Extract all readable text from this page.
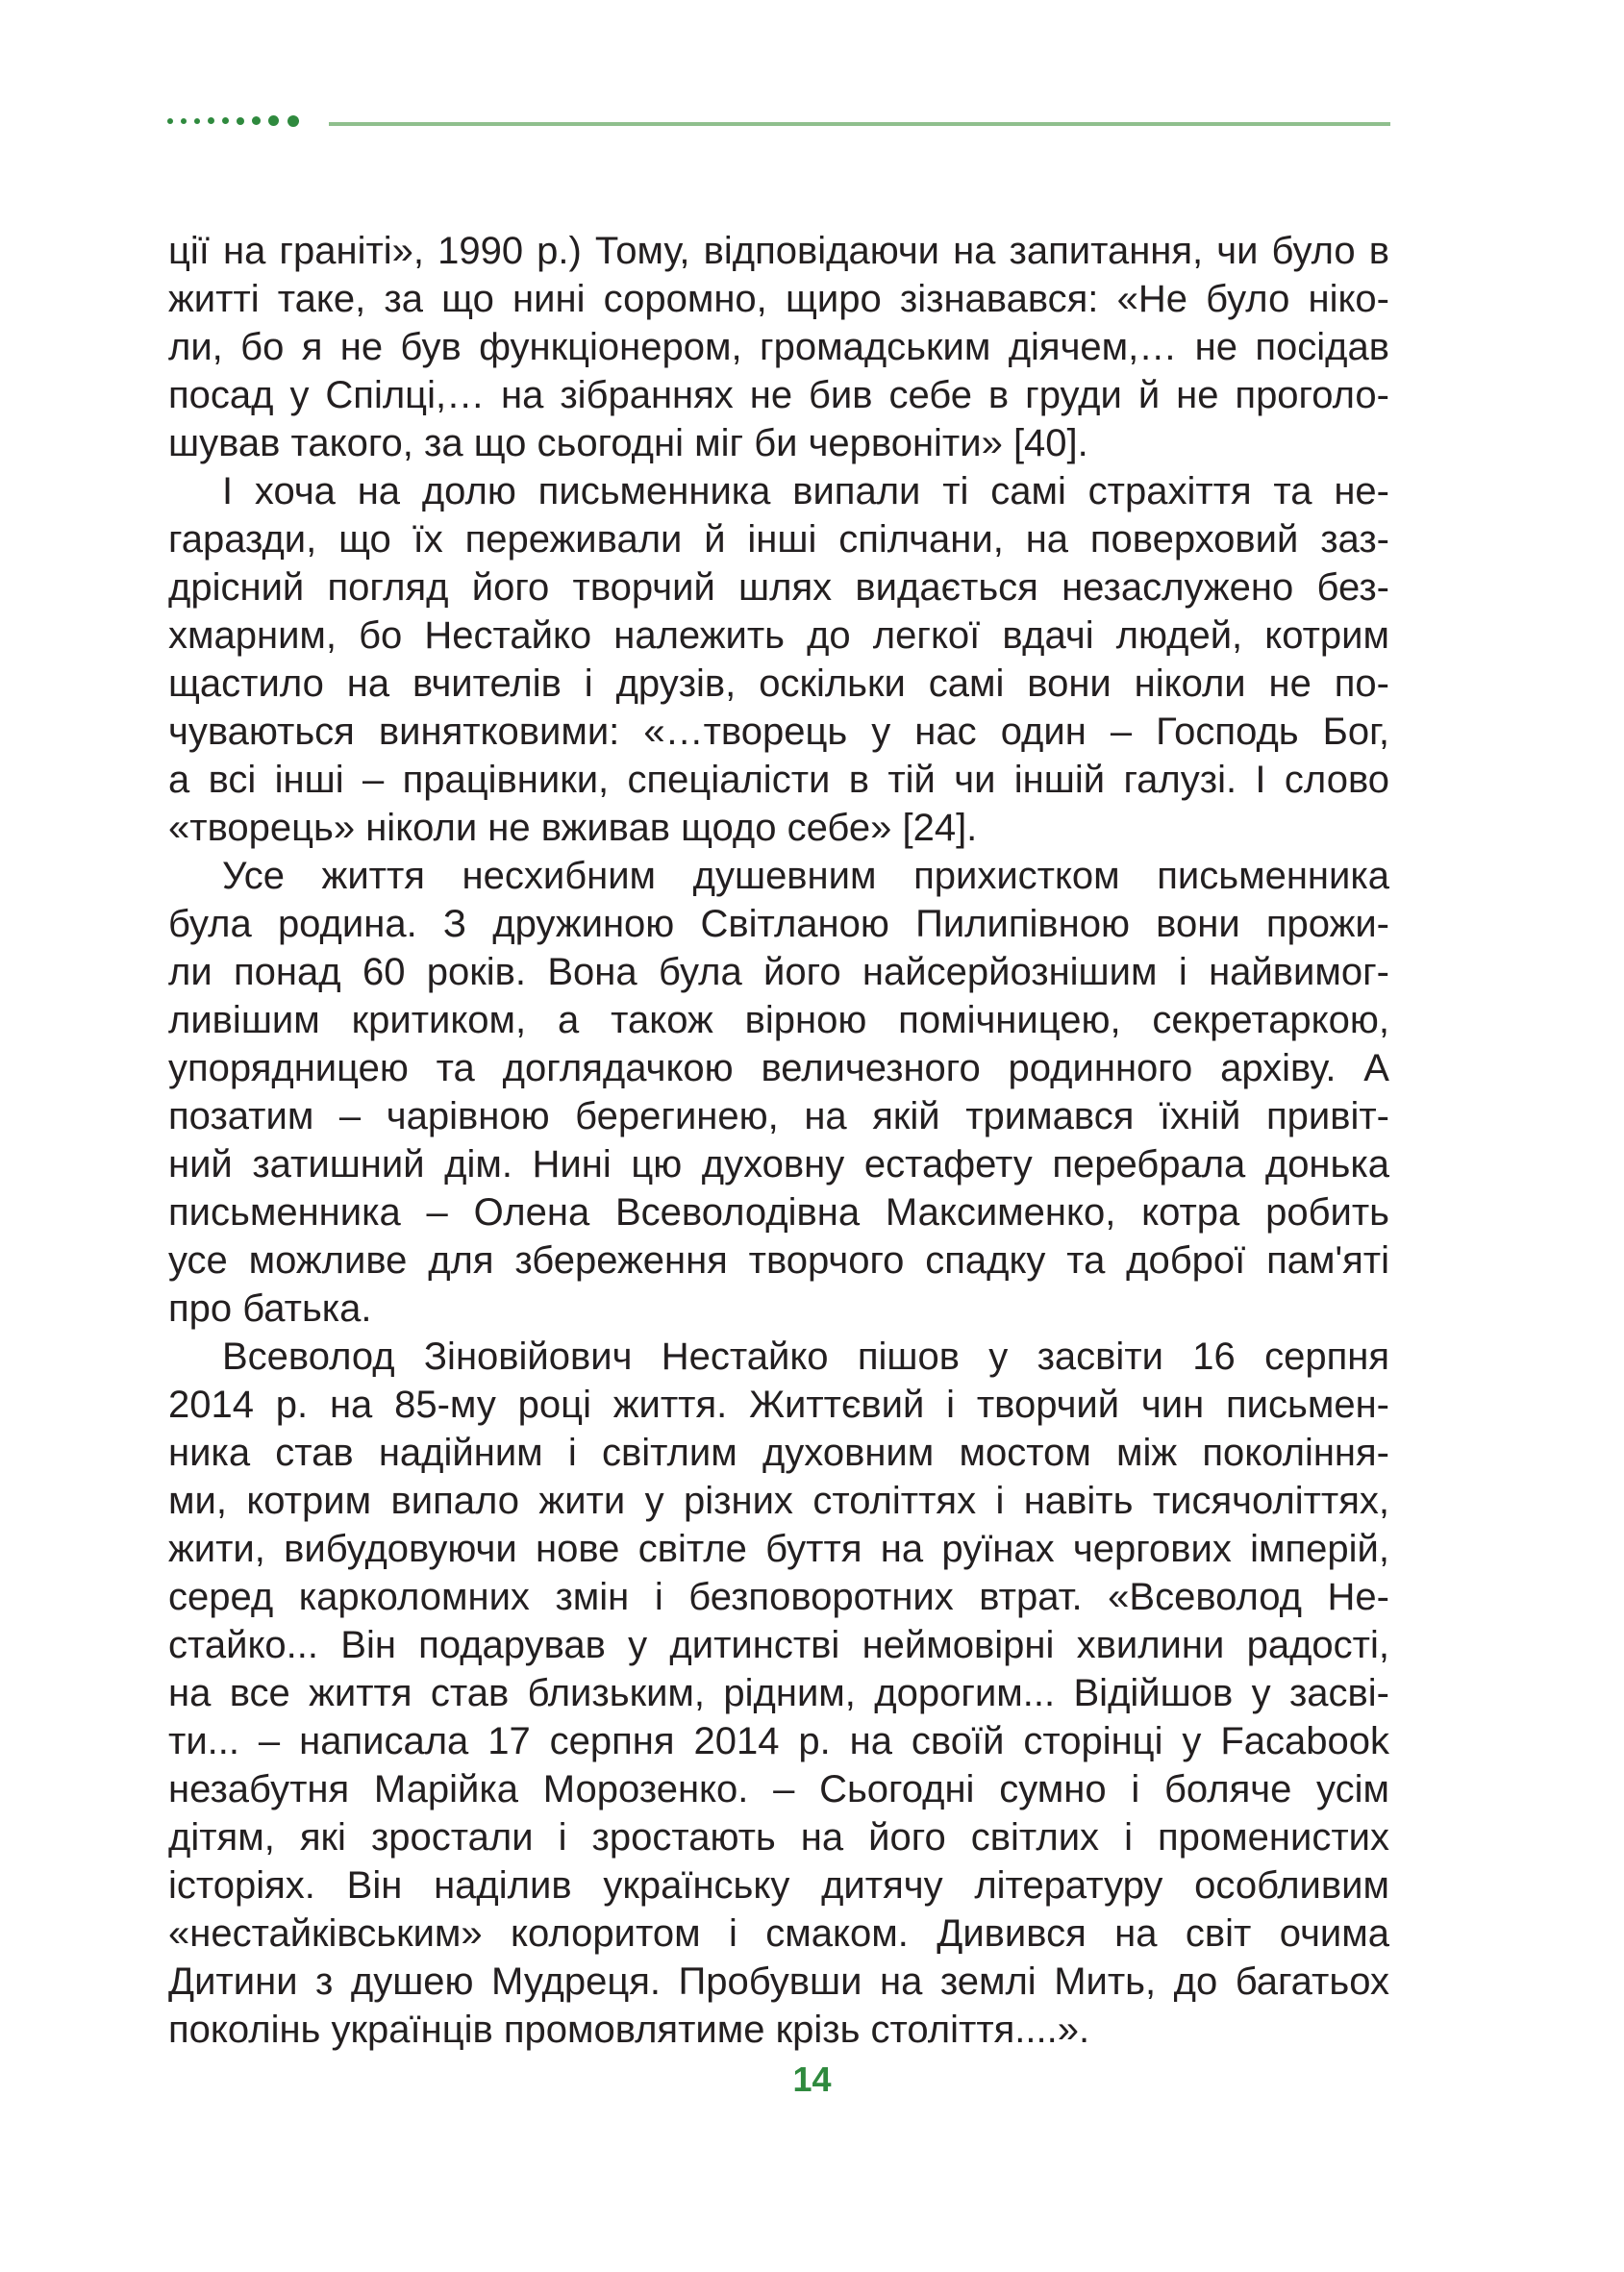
ції на граніті», 1990 р.) Тому, відповідаючи на запитання, чи було в
житті таке, за що нині соромно, щиро зізнавався: «Не було ніко-
ли, бо я не був функціонером, громадським діячем,… не посідав
посад у Спілці,… на зібраннях не бив себе в груди й не проголо-
шував такого, за що сьогодні міг би червоніти» [40].
І хоча на долю письменника випали ті самі страхіття та не-
гаразди, що їх переживали й інші спілчани, на поверховий заз-
дрісний погляд його творчий шлях видається незаслужено без-
хмарним, бо Нестайко належить до легкої вдачі людей, котрим
щастило на вчителів і друзів, оскільки самі вони ніколи не по-
чуваються винятковими: «…творець у нас один – Господь Бог,
а всі інші – працівники, спеціалісти в тій чи іншій галузі. І слово
«творець» ніколи не вживав щодо себе» [24].
Усе життя несхибним душевним прихистком письменника
була родина. З дружиною Світланою Пилипівною вони прожи-
ли понад 60 років. Вона була його найсерйознішим і найвимог-
ливішим критиком, а також вірною помічницею, секретаркою,
упорядницею та доглядачкою величезного родинного архіву. А
позатим – чарівною берегинею, на якій тримався їхній привіт-
ний затишний дім. Нині цю духовну естафету перебрала донька
письменника – Олена Всеволодівна Максименко, котра робить
усе можливе для збереження творчого спадку та доброї пам'яті
про батька.
Всеволод Зіновійович Нестайко пішов у засвіти 16 серпня
2014 р. на 85-му році життя. Життєвий і творчий чин письмен-
ника став надійним і світлим духовним мостом між покоління-
ми, котрим випало жити у різних століттях і навіть тисячоліттях,
жити, вибудовуючи нове світле буття на руїнах чергових імперій,
серед карколомних змін і безповоротних втрат. «Всеволод Не-
стайко... Він подарував у дитинстві неймовірні хвилини радості,
на все життя став близьким, рідним, дорогим... Відійшов у засві-
ти... – написала 17 серпня 2014 р. на своїй сторінці у Facabook
незабутня Марійка Морозенко. – Сьогодні сумно і боляче усім
дітям, які зростали і зростають на його світлих і променистих
історіях. Він наділив українську дитячу літературу особливим
«нестайківським» колоритом і смаком. Дивився на світ очима
Дитини з душею Мудреця. Пробувши на землі Мить, до багатьох
поколінь українців промовлятиме крізь століття....».
14
